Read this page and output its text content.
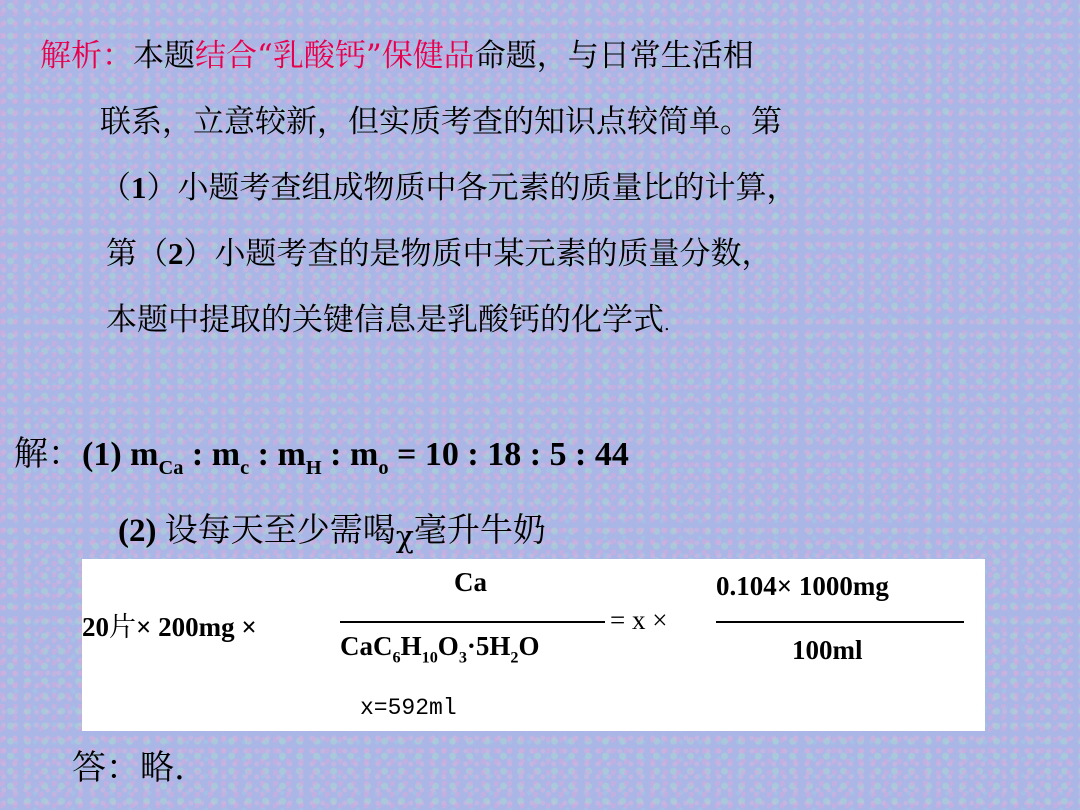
解析：本题结合“乳酸钙”保健品命题，与日常生活相
联系，立意较新，但实质考查的知识点较简单。第
（1）小题考查组成物质中各元素的质量比的计算，
第（2）小题考查的是物质中某元素的质量分数，
本题中提取的关键信息是乳酸钙的化学式.
解：(1) $m_{Ca}$ : $m_c$ : $m_H$ : $m_o = 10$ : 18 : 5 : 44
(2) 设每天至少需喝χ毫升牛奶
20片× 200mg ×
Ca
$CaC_6H_{10}O_3\cdot 5H_2O$
= x ×
0.104× 1000mg
100ml
x=592ml
答：略.
